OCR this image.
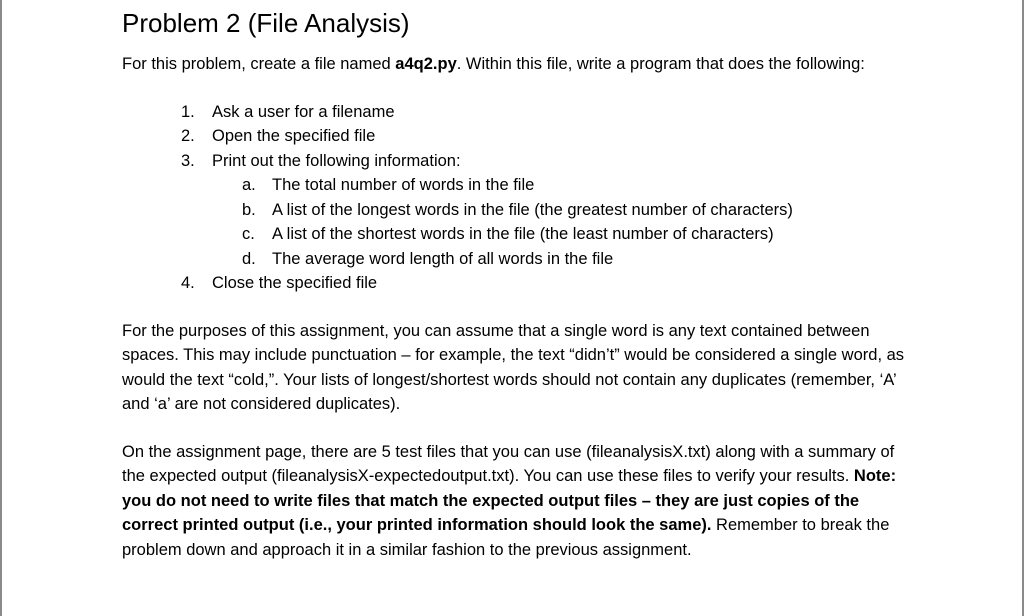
Problem 2 (File Analysis)

For this problem, create a file named a4q2.py. Within this file, write a program that does the following:

1. Ask a user for a filename
2. Open the specified file
3. Print out the following information:
a. The total number of words in the file
b. A list of the longest words in the file (the greatest number of characters)
c. A list of the shortest words in the file (the least number of characters)
d. The average word length of all words in the file
4. Close the specified file

For the purposes of this assignment, you can assume that a single word is any text contained between spaces. This may include punctuation – for example, the text “didn’t” would be considered a single word, as would the text “cold,”. Your lists of longest/shortest words should not contain any duplicates (remember, ‘A’ and ‘a’ are not considered duplicates).

On the assignment page, there are 5 test files that you can use (fileanalysisX.txt) along with a summary of the expected output (fileanalysisX-expectedoutput.txt). You can use these files to verify your results. Note: you do not need to write files that match the expected output files – they are just copies of the correct printed output (i.e., your printed information should look the same). Remember to break the problem down and approach it in a similar fashion to the previous assignment.
